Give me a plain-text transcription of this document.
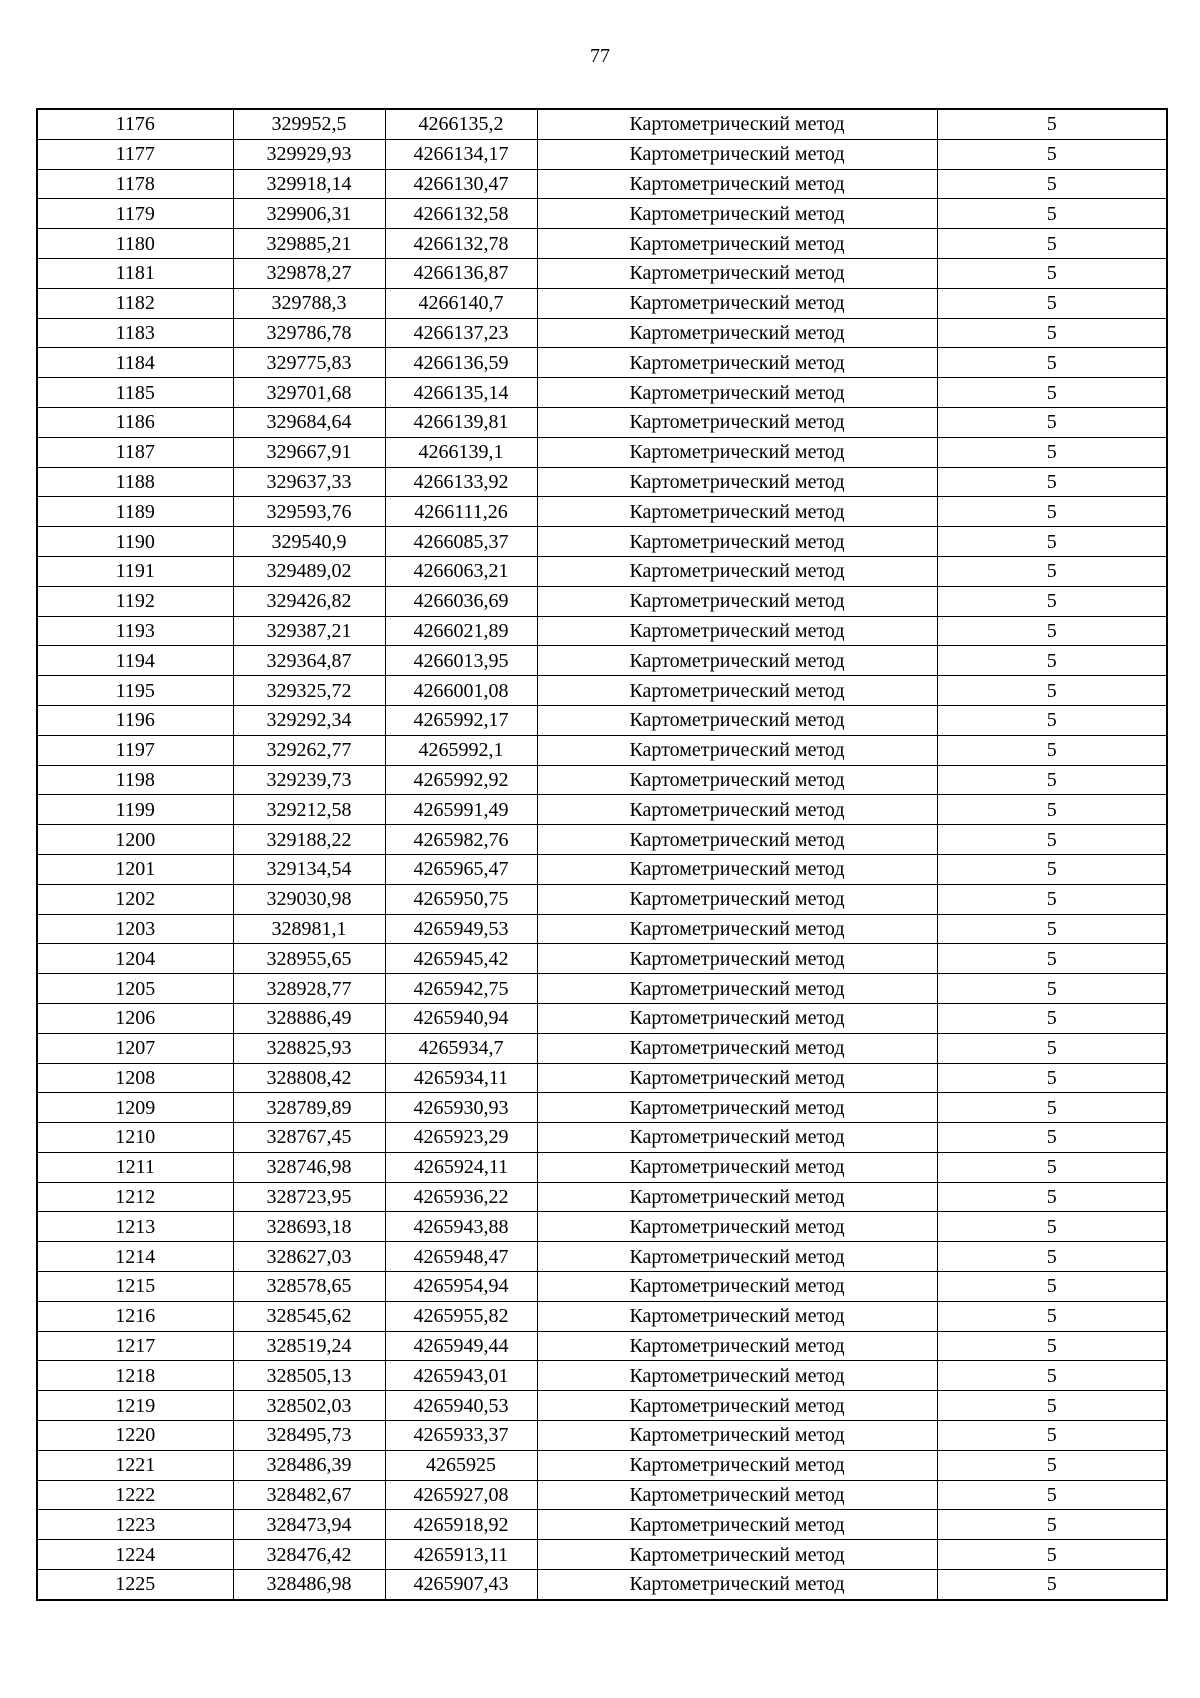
77
1176	329952,5	4266135,2	Картометрический метод	5
1177	329929,93	4266134,17	Картометрический метод	5
1178	329918,14	4266130,47	Картометрический метод	5
1179	329906,31	4266132,58	Картометрический метод	5
1180	329885,21	4266132,78	Картометрический метод	5
1181	329878,27	4266136,87	Картометрический метод	5
1182	329788,3	4266140,7	Картометрический метод	5
1183	329786,78	4266137,23	Картометрический метод	5
1184	329775,83	4266136,59	Картометрический метод	5
1185	329701,68	4266135,14	Картометрический метод	5
1186	329684,64	4266139,81	Картометрический метод	5
1187	329667,91	4266139,1	Картометрический метод	5
1188	329637,33	4266133,92	Картометрический метод	5
1189	329593,76	4266111,26	Картометрический метод	5
1190	329540,9	4266085,37	Картометрический метод	5
1191	329489,02	4266063,21	Картометрический метод	5
1192	329426,82	4266036,69	Картометрический метод	5
1193	329387,21	4266021,89	Картометрический метод	5
1194	329364,87	4266013,95	Картометрический метод	5
1195	329325,72	4266001,08	Картометрический метод	5
1196	329292,34	4265992,17	Картометрический метод	5
1197	329262,77	4265992,1	Картометрический метод	5
1198	329239,73	4265992,92	Картометрический метод	5
1199	329212,58	4265991,49	Картометрический метод	5
1200	329188,22	4265982,76	Картометрический метод	5
1201	329134,54	4265965,47	Картометрический метод	5
1202	329030,98	4265950,75	Картометрический метод	5
1203	328981,1	4265949,53	Картометрический метод	5
1204	328955,65	4265945,42	Картометрический метод	5
1205	328928,77	4265942,75	Картометрический метод	5
1206	328886,49	4265940,94	Картометрический метод	5
1207	328825,93	4265934,7	Картометрический метод	5
1208	328808,42	4265934,11	Картометрический метод	5
1209	328789,89	4265930,93	Картометрический метод	5
1210	328767,45	4265923,29	Картометрический метод	5
1211	328746,98	4265924,11	Картометрический метод	5
1212	328723,95	4265936,22	Картометрический метод	5
1213	328693,18	4265943,88	Картометрический метод	5
1214	328627,03	4265948,47	Картометрический метод	5
1215	328578,65	4265954,94	Картометрический метод	5
1216	328545,62	4265955,82	Картометрический метод	5
1217	328519,24	4265949,44	Картометрический метод	5
1218	328505,13	4265943,01	Картометрический метод	5
1219	328502,03	4265940,53	Картометрический метод	5
1220	328495,73	4265933,37	Картометрический метод	5
1221	328486,39	4265925	Картометрический метод	5
1222	328482,67	4265927,08	Картометрический метод	5
1223	328473,94	4265918,92	Картометрический метод	5
1224	328476,42	4265913,11	Картометрический метод	5
1225	328486,98	4265907,43	Картометрический метод	5
